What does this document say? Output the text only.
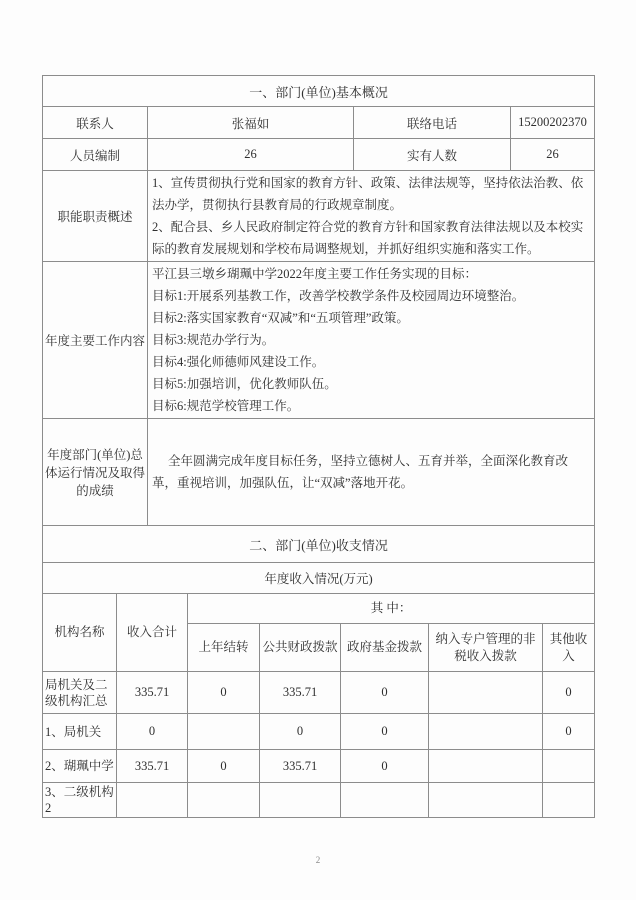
一、部门(单位)基本概况			
联系人	张福如	联络电话	15200202370
人员编制	26	实有人数	26
职能职责概述	1、宣传贯彻执行党和国家的教育方针、政策、法律法规等，坚持依法治教、依法办学，贯彻执行县教育局的行政规章制度。
2、配合县、乡人民政府制定符合党的教育方针和国家教育法律法规以及本校实际的教育发展规划和学校布局调整规划，并抓好组织实施和落实工作。		

年度主要工作内容	
平江县三墩乡瑚珮中学2022年度主要工作任务实现的目标：
目标1:开展系列基教工作，改善学校教学条件及校园周边环境整治。
目标2:落实国家教育“双减”和“五项管理”政策。
目标3:规范办学行为。
目标4:强化师德师风建设工作。
目标5:加强培训，优化教师队伍。
目标6:规范学校管理工作。

年度部门(单位)总体运行情况及取得的成绩	全年圆满完成年度目标任务，坚持立德树人、五育并举，全面深化教育改革，重视培训，加强队伍，让“双减”落地开花。		

二、部门(单位)收支情况			
年度收入情况(万元)			
机构名称	收入合计	其 中：				
		上年结转	公共财政拨款	政府基金拨款	纳入专户管理的非税收入拨款	其他收入
局机关及二级机构汇总	335.71	0	335.71	0		0
1、局机关	0		0	0		0
2、瑚珮中学	335.71	0	335.71	0		
3、二级机构2						
2
